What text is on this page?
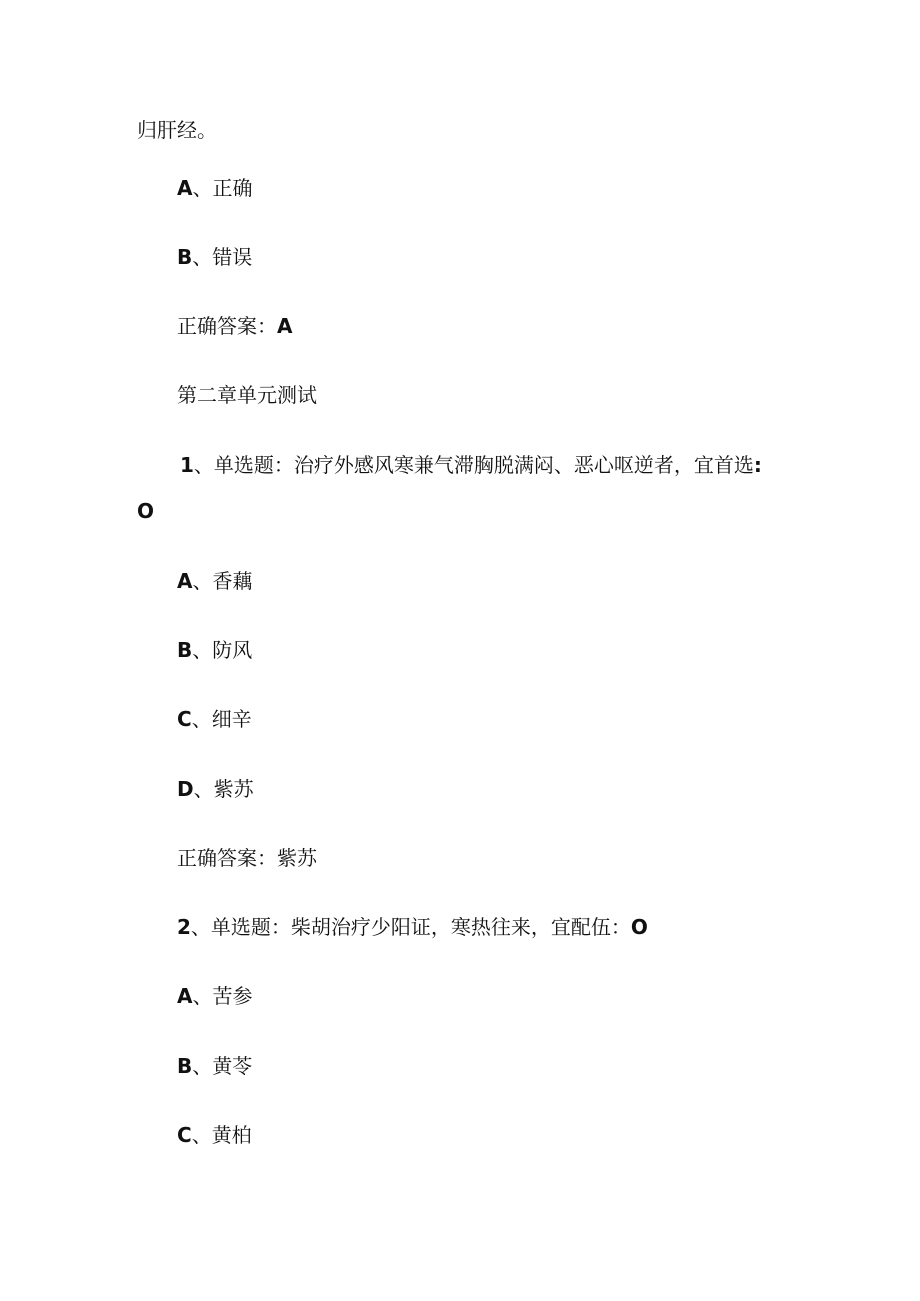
归肝经。
A、正确
B、错误
正确答案：A
第二章单元测试
1、单选题：治疗外感风寒兼气滞胸脱满闷、恶心呕逆者，宜首选:
O
A、香藕
B、防风
C、细辛
D、紫苏
正确答案：紫苏
2、单选题：柴胡治疗少阳证，寒热往来，宜配伍：O
A、苦参
B、黄苓
C、黄柏
